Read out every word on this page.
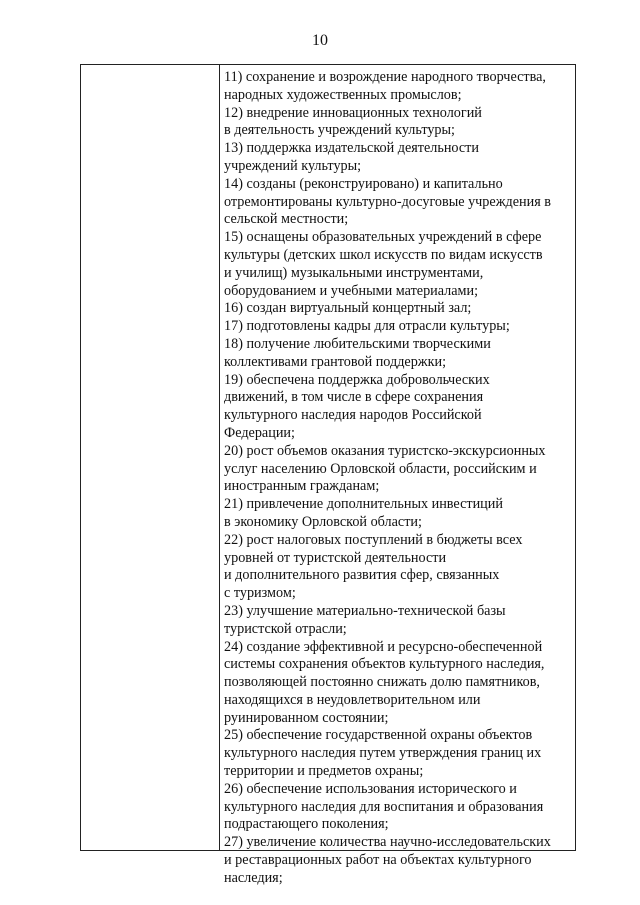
10
11) сохранение и возрождение народного творчества,
народных художественных промыслов;
12) внедрение инновационных технологий
в деятельность учреждений культуры;
13) поддержка издательской деятельности
учреждений культуры;
14) созданы (реконструировано) и капитально
отремонтированы культурно-досуговые учреждения в
сельской местности;
15) оснащены образовательных учреждений в сфере
культуры (детских школ искусств по видам искусств
и училищ) музыкальными инструментами,
оборудованием и учебными материалами;
16) создан виртуальный концертный зал;
17) подготовлены кадры для отрасли культуры;
18) получение любительскими творческими
коллективами грантовой поддержки;
19) обеспечена поддержка добровольческих
движений, в том числе в сфере сохранения
культурного наследия народов Российской
Федерации;
20) рост объемов оказания туристско-экскурсионных
услуг населению Орловской области, российским и
иностранным гражданам;
21) привлечение дополнительных инвестиций
в экономику Орловской области;
22) рост налоговых поступлений в бюджеты всех
уровней от туристской деятельности
и дополнительного развития сфер, связанных
с туризмом;
23) улучшение материально-технической базы
туристской отрасли;
24) создание эффективной и ресурсно-обеспеченной
системы сохранения объектов культурного наследия,
позволяющей постоянно снижать долю памятников,
находящихся в неудовлетворительном или
руинированном состоянии;
25) обеспечение государственной охраны объектов
культурного наследия путем утверждения границ их
территории и предметов охраны;
26) обеспечение использования исторического и
культурного наследия для воспитания и образования
подрастающего поколения;
27) увеличение количества научно-исследовательских
и реставрационных работ на объектах культурного
наследия;
